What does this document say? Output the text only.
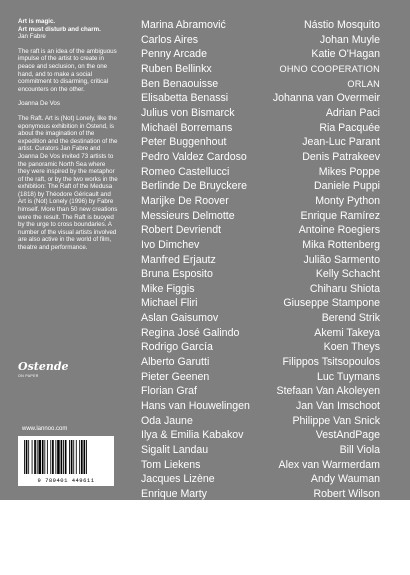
Art is magic.
Art must disturb and charm.
Jan Fabre

The raft is an idea of the ambiguous impulse of the artist to create in peace and seclusion, on the one hand, and to make a social commitment to disarming, critical encounters on the other.
Joanna De Vos

The Raft. Art is (Not) Lonely, like the eponymous exhibition in Ostend, is about the imagination of the expedition and the destination of the artist. Curators Jan Fabre and Joanna De Vos invited 73 artists to the panoramic North Sea where they were inspired by the metaphor of the raft, or by the two works in the exhibition: The Raft of the Medusa (1818) by Théodore Géricault and Art is (Not) Lonely (1996) by Fabre himself. More than 50 new creations were the result. The Raft is buoyed by the urge to cross boundaries. A number of the visual artists involved are also active in the world of film, theatre and performance.

Marina Abramović
Carlos Aires
Penny Arcade
Ruben Bellinkx
Ben Benaouisse
Elisabetta Benassi
Julius von Bismarck
Michaël Borremans
Peter Buggenhout
Pedro Valdez Cardoso
Romeo Castellucci
Berlinde De Bruyckere
Marijke De Roover
Messieurs Delmotte
Robert Devriendt
Ivo Dimchev
Manfred Erjautz
Bruna Esposito
Mike Figgis
Michael Fliri
Aslan Gaisumov
Regina José Galindo
Rodrigo García
Alberto Garutti
Pieter Geenen
Florian Graf
Hans van Houwelingen
Oda Jaune
Ilya & Emilia Kabakov
Sigalit Landau
Tom Liekens
Jacques Lizène
Enrique Marty
Steve McQueen
Fabien Mérelle
Aernout Mik
Jorge Molder
Linda Molenaar
Nástio Mosquito
Johan Muyle
Katie O'Hagan
OHNO COOPERATION
ORLAN
Johanna van Overmeir
Adrian Paci
Ria Pacquée
Jean-Luc Parant
Denis Patrakeev
Mikes Poppe
Daniele Puppi
Monty Python
Enrique Ramírez
Antoine Roegiers
Mika Rottenberg
Julião Sarmento
Kelly Schacht
Chiharu Shiota
Giuseppe Stampone
Berend Strik
Akemi Takeya
Koen Theys
Filippos Tsitsopoulos
Luc Tuymans
Stefaan Van Akoleyen
Jan Van Imschoot
Philippe Van Snick
VestAndPage
Bill Viola
Alex van Warmerdam
Andy Wauman
Robert Wilson
Chantal Yzermans
Mary Zygouri
Ostende
ON PAPER
www.lannoo.com
9 789401 449611
